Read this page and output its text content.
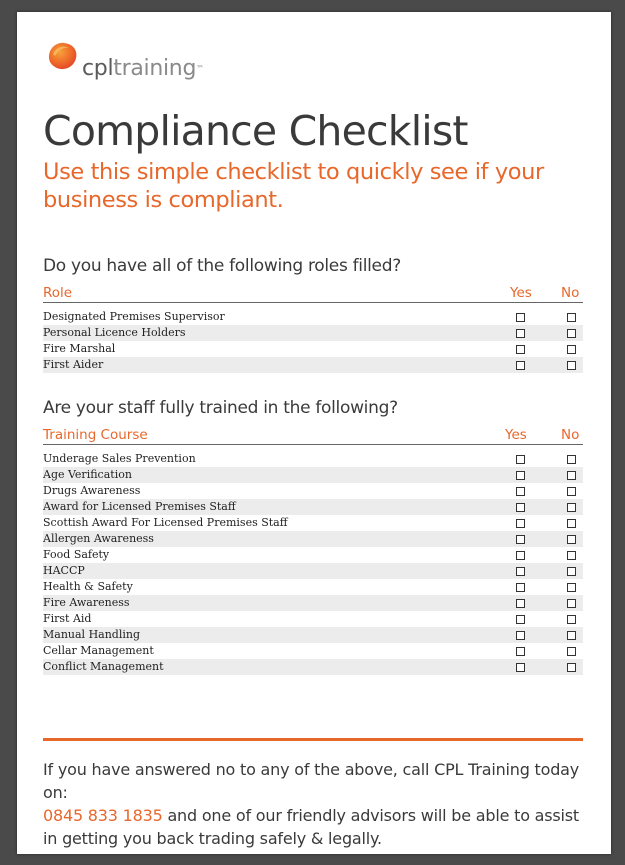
cpltraining™
Compliance Checklist
Use this simple checklist to quickly see if your business is compliant.
Do you have all of the following roles filled?
Role	Yes No
Designated Premises Supervisor
Personal Licence Holders
Fire Marshal
First Aider
Are your staff fully trained in the following?
Training Course	Yes	No
Underage Sales Prevention
Age Verification
Drugs Awareness
Award for Licensed Premises Staff
Scottish Award For Licensed Premises Staff
Allergen Awareness
Food Safety
HACCP
Health & Safety
Fire Awareness
First Aid
Manual Handling
Cellar Management
Conflict Management
If you have answered no to any of the above, call CPL Training today on:
0845 833 1835 and one of our friendly advisors will be able to assist in getting you back trading safely & legally.
